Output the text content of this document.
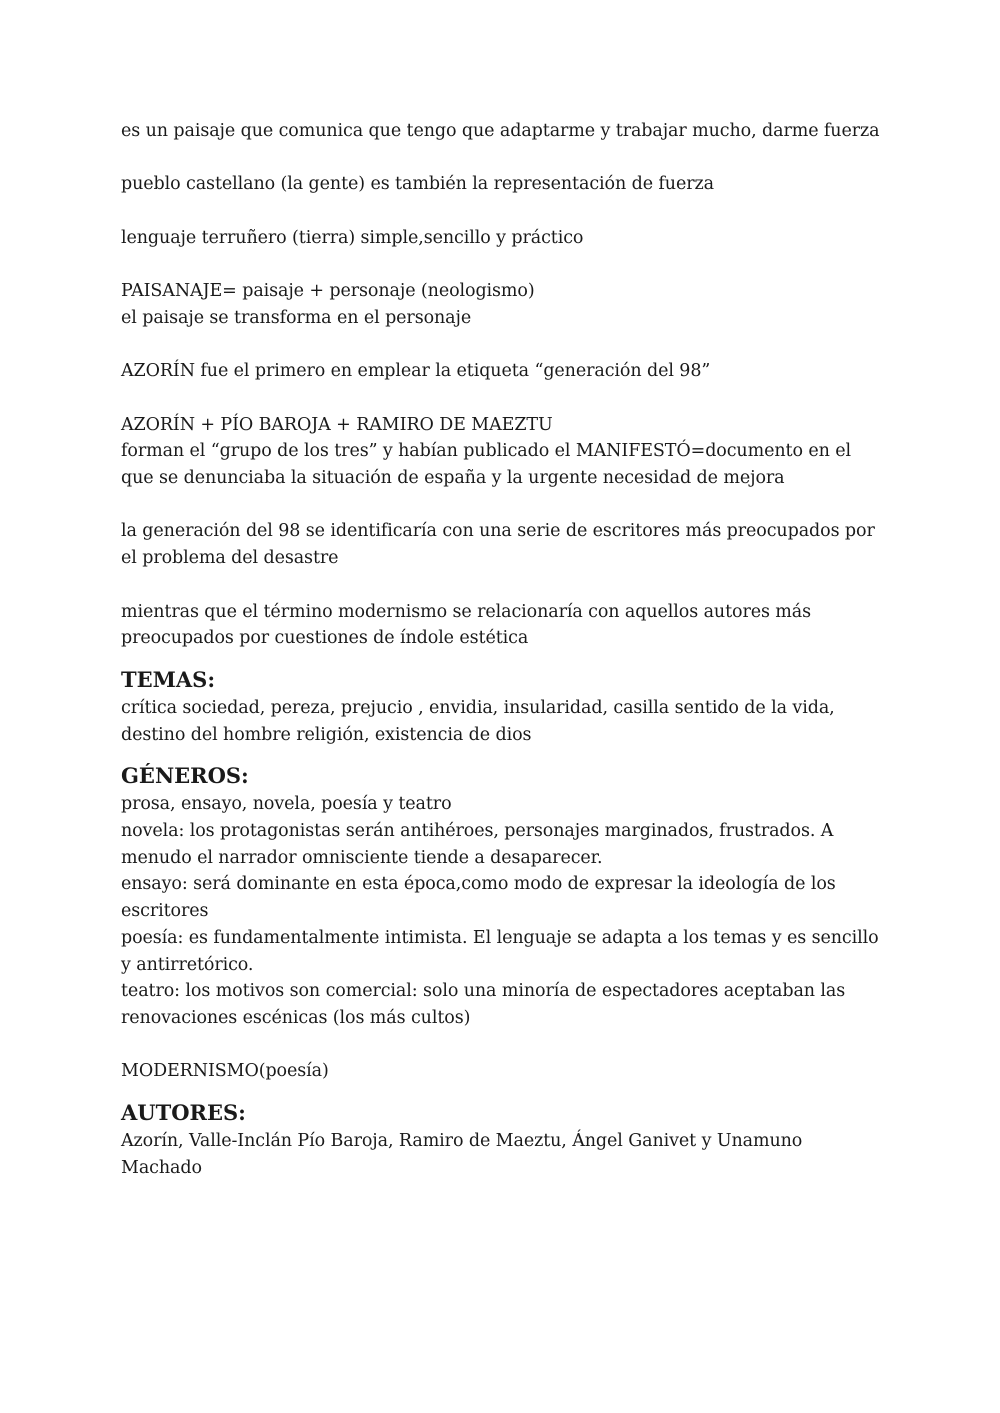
es un paisaje que comunica que tengo que adaptarme y trabajar mucho, darme fuerza

pueblo castellano (la gente) es también la representación de fuerza

lenguaje terruñero (tierra) simple,sencillo y práctico

PAISANAJE= paisaje + personaje (neologismo)

el paisaje se transforma en el personaje

AZORÍN fue el primero en emplear la etiqueta “generación del 98”

AZORÍN + PÍO BAROJA + RAMIRO DE MAEZTU

forman el “grupo de los tres” y habían publicado el MANIFESTÓ=documento en el que se denunciaba la situación de españa y la urgente necesidad de mejora

la generación del 98 se identificaría con una serie de escritores más preocupados por el problema del desastre

mientras que el término modernismo se relacionaría con aquellos autores más preocupados por cuestiones de índole estética

TEMAS:

crítica sociedad, pereza, prejucio , envidia, insularidad, casilla sentido de la vida, destino del hombre religión, existencia de dios

GÉNEROS:

prosa, ensayo, novela, poesía y teatro

novela: los protagonistas serán antihéroes, personajes marginados, frustrados. A menudo el narrador omnisciente tiende a desaparecer.

ensayo: será dominante en esta época,como modo de expresar la ideología de los escritores

poesía: es fundamentalmente intimista. El lenguaje se adapta a los temas y es sencillo y antirretórico.

teatro: los motivos son comercial: solo una minoría de espectadores aceptaban las renovaciones escénicas (los más cultos)

MODERNISMO(poesía)

AUTORES:

Azorín, Valle-Inclán Pío Baroja, Ramiro de Maeztu, Ángel Ganivet y Unamuno Machado
